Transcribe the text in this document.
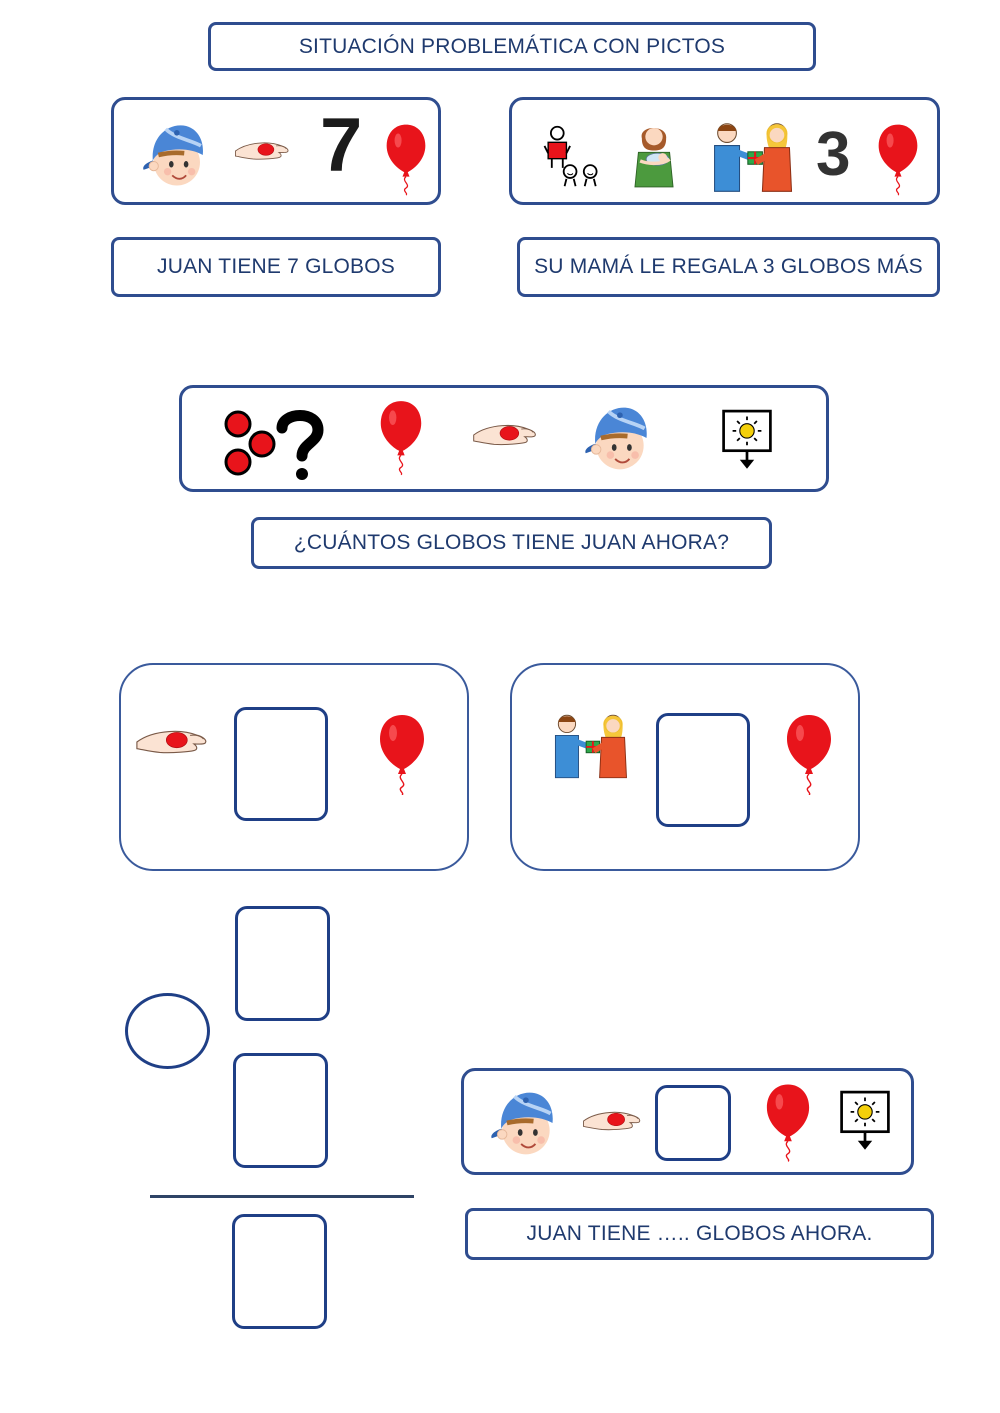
SITUACIÓN PROBLEMÁTICA CON PICTOS
7	3
JUAN TIENE 7 GLOBOS	SU MAMÁ LE REGALA 3 GLOBOS MÁS
¿CUÁNTOS GLOBOS TIENE JUAN AHORA?
JUAN TIENE ….. GLOBOS AHORA.
